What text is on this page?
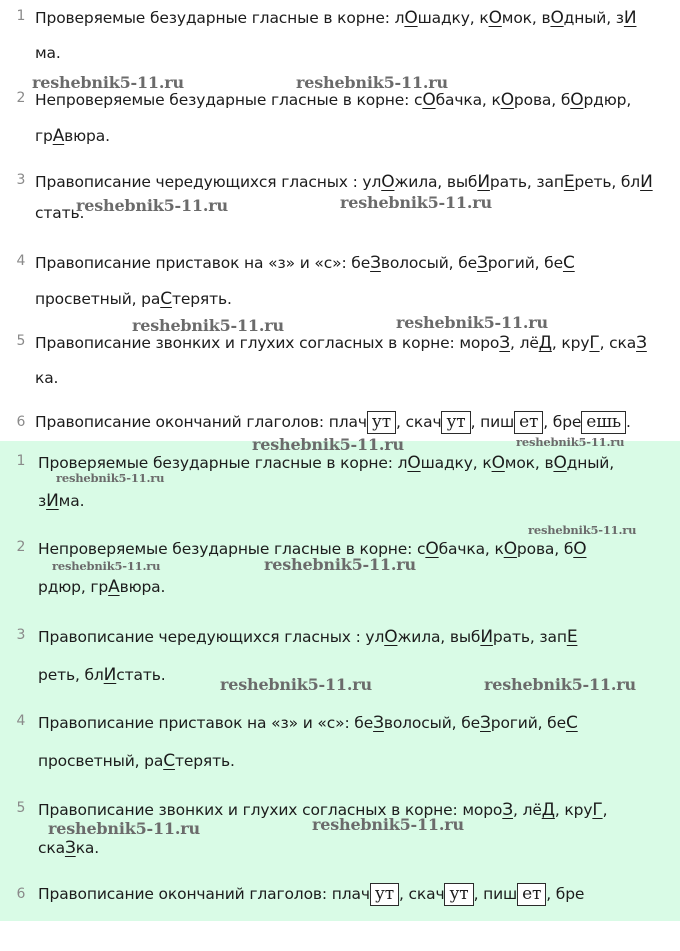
1 Проверяемые безударные гласные в корне: лОшадку, кОмок, вОдный, зИ
ма.
2 Непроверяемые безударные гласные в корне: сОбачка, кОрова, бОрдюр,
грАвюра.
3 Правописание чередующихся гласных : улОжила, выбИрать, запЕреть, блИ
стать.
4 Правописание приставок на «з» и «с»: беЗволосый, беЗрогий, беС
просветный, раСтерять.
5 Правописание звонких и глухих согласных в корне: мороЗ, лёД, круГ, скаЗ
ка.
6 Правописание окончаний глаголов: плач ут , скач ут , пиш ет , бре ешь .
reshebnik5-11.ru	reshebnik5-11.ru
reshebnik5-11.ru	reshebnik5-11.ru
reshebnik5-11.ru	reshebnik5-11.ru
1 Проверяемые безударные гласные в корне: лОшадку, кОмок, вОдный,
зИма.
2 Непроверяемые безударные гласные в корне: сОбачка, кОрова, бО
рдюр, грАвюра.
3 Правописание чередующихся гласных : улОжила, выбИрать, запЕ
реть, блИстать.
4 Правописание приставок на «з» и «с»: беЗволосый, беЗрогий, беС
просветный, раСтерять.
5 Правописание звонких и глухих согласных в корне: мороЗ, лёД, круГ,
скаЗка.
6 Правописание окончаний глаголов: плач ут , скач ут , пиш ет , бре
reshebnik5-11.ru	reshebnik5-11.ru
reshebnik5-11.ru
reshebnik5-11.ru
reshebnik5-11.ru	reshebnik5-11.ru
reshebnik5-11.ru	reshebnik5-11.ru
reshebnik5-11.ru	reshebnik5-11.ru
